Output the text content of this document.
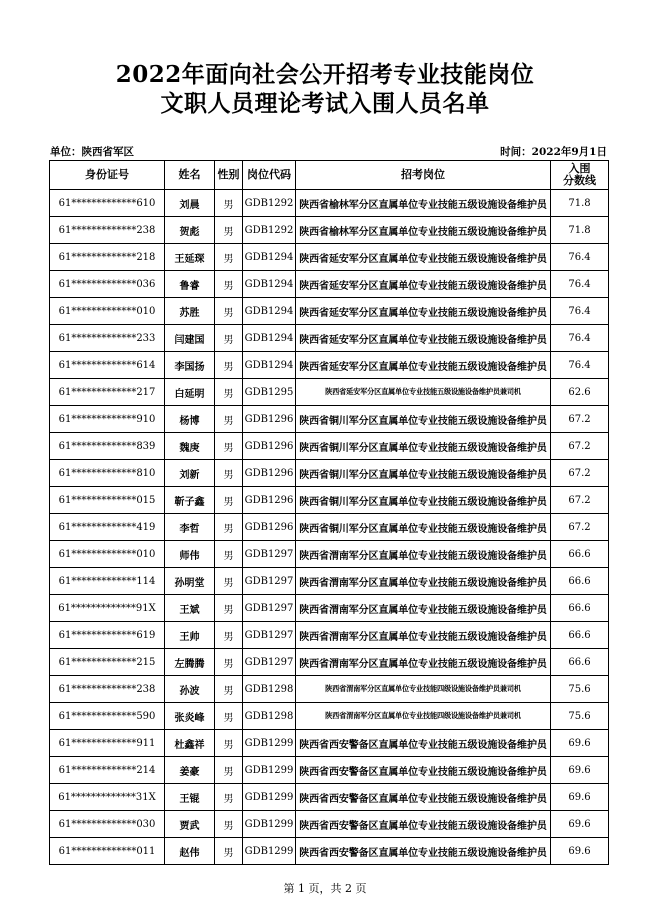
2022年面向社会公开招考专业技能岗位
文职人员理论考试入围人员名单
单位：陕西省军区	时间：2022年9月1日
身份证号	姓名	性别	岗位代码	招考岗位	入围
分数线

61*************610	刘晨	男	GDB1292	陕西省榆林军分区直属单位专业技能五级设施设备维护员	71.8
61*************238	贺彪	男	GDB1292	陕西省榆林军分区直属单位专业技能五级设施设备维护员	71.8
61*************218	王延琛	男	GDB1294	陕西省延安军分区直属单位专业技能五级设施设备维护员	76.4
61*************036	鲁睿	男	GDB1294	陕西省延安军分区直属单位专业技能五级设施设备维护员	76.4
61*************010	苏胜	男	GDB1294	陕西省延安军分区直属单位专业技能五级设施设备维护员	76.4
61*************233	闫建国	男	GDB1294	陕西省延安军分区直属单位专业技能五级设施设备维护员	76.4
61*************614	李国扬	男	GDB1294	陕西省延安军分区直属单位专业技能五级设施设备维护员	76.4
61*************217	白延明	男	GDB1295	陕西省延安军分区直属单位专业技能五级设施设备维护员兼司机	62.6
61*************910	杨博	男	GDB1296	陕西省铜川军分区直属单位专业技能五级设施设备维护员	67.2
61*************839	魏庚	男	GDB1296	陕西省铜川军分区直属单位专业技能五级设施设备维护员	67.2
61*************810	刘新	男	GDB1296	陕西省铜川军分区直属单位专业技能五级设施设备维护员	67.2
61*************015	靳子鑫	男	GDB1296	陕西省铜川军分区直属单位专业技能五级设施设备维护员	67.2
61*************419	李哲	男	GDB1296	陕西省铜川军分区直属单位专业技能五级设施设备维护员	67.2
61*************010	师伟	男	GDB1297	陕西省渭南军分区直属单位专业技能五级设施设备维护员	66.6
61*************114	孙明堂	男	GDB1297	陕西省渭南军分区直属单位专业技能五级设施设备维护员	66.6
61*************91X	王斌	男	GDB1297	陕西省渭南军分区直属单位专业技能五级设施设备维护员	66.6
61*************619	王帅	男	GDB1297	陕西省渭南军分区直属单位专业技能五级设施设备维护员	66.6
61*************215	左腾腾	男	GDB1297	陕西省渭南军分区直属单位专业技能五级设施设备维护员	66.6
61*************238	孙波	男	GDB1298	陕西省渭南军分区直属单位专业技能四级设施设备维护员兼司机	75.6
61*************590	张炎峰	男	GDB1298	陕西省渭南军分区直属单位专业技能四级设施设备维护员兼司机	75.6
61*************911	杜鑫祥	男	GDB1299	陕西省西安警备区直属单位专业技能五级设施设备维护员	69.6
61*************214	姜豪	男	GDB1299	陕西省西安警备区直属单位专业技能五级设施设备维护员	69.6
61*************31X	王锟	男	GDB1299	陕西省西安警备区直属单位专业技能五级设施设备维护员	69.6
61*************030	贾武	男	GDB1299	陕西省西安警备区直属单位专业技能五级设施设备维护员	69.6
61*************011	赵伟	男	GDB1299	陕西省西安警备区直属单位专业技能五级设施设备维护员	69.6
第 1 页，共 2 页
